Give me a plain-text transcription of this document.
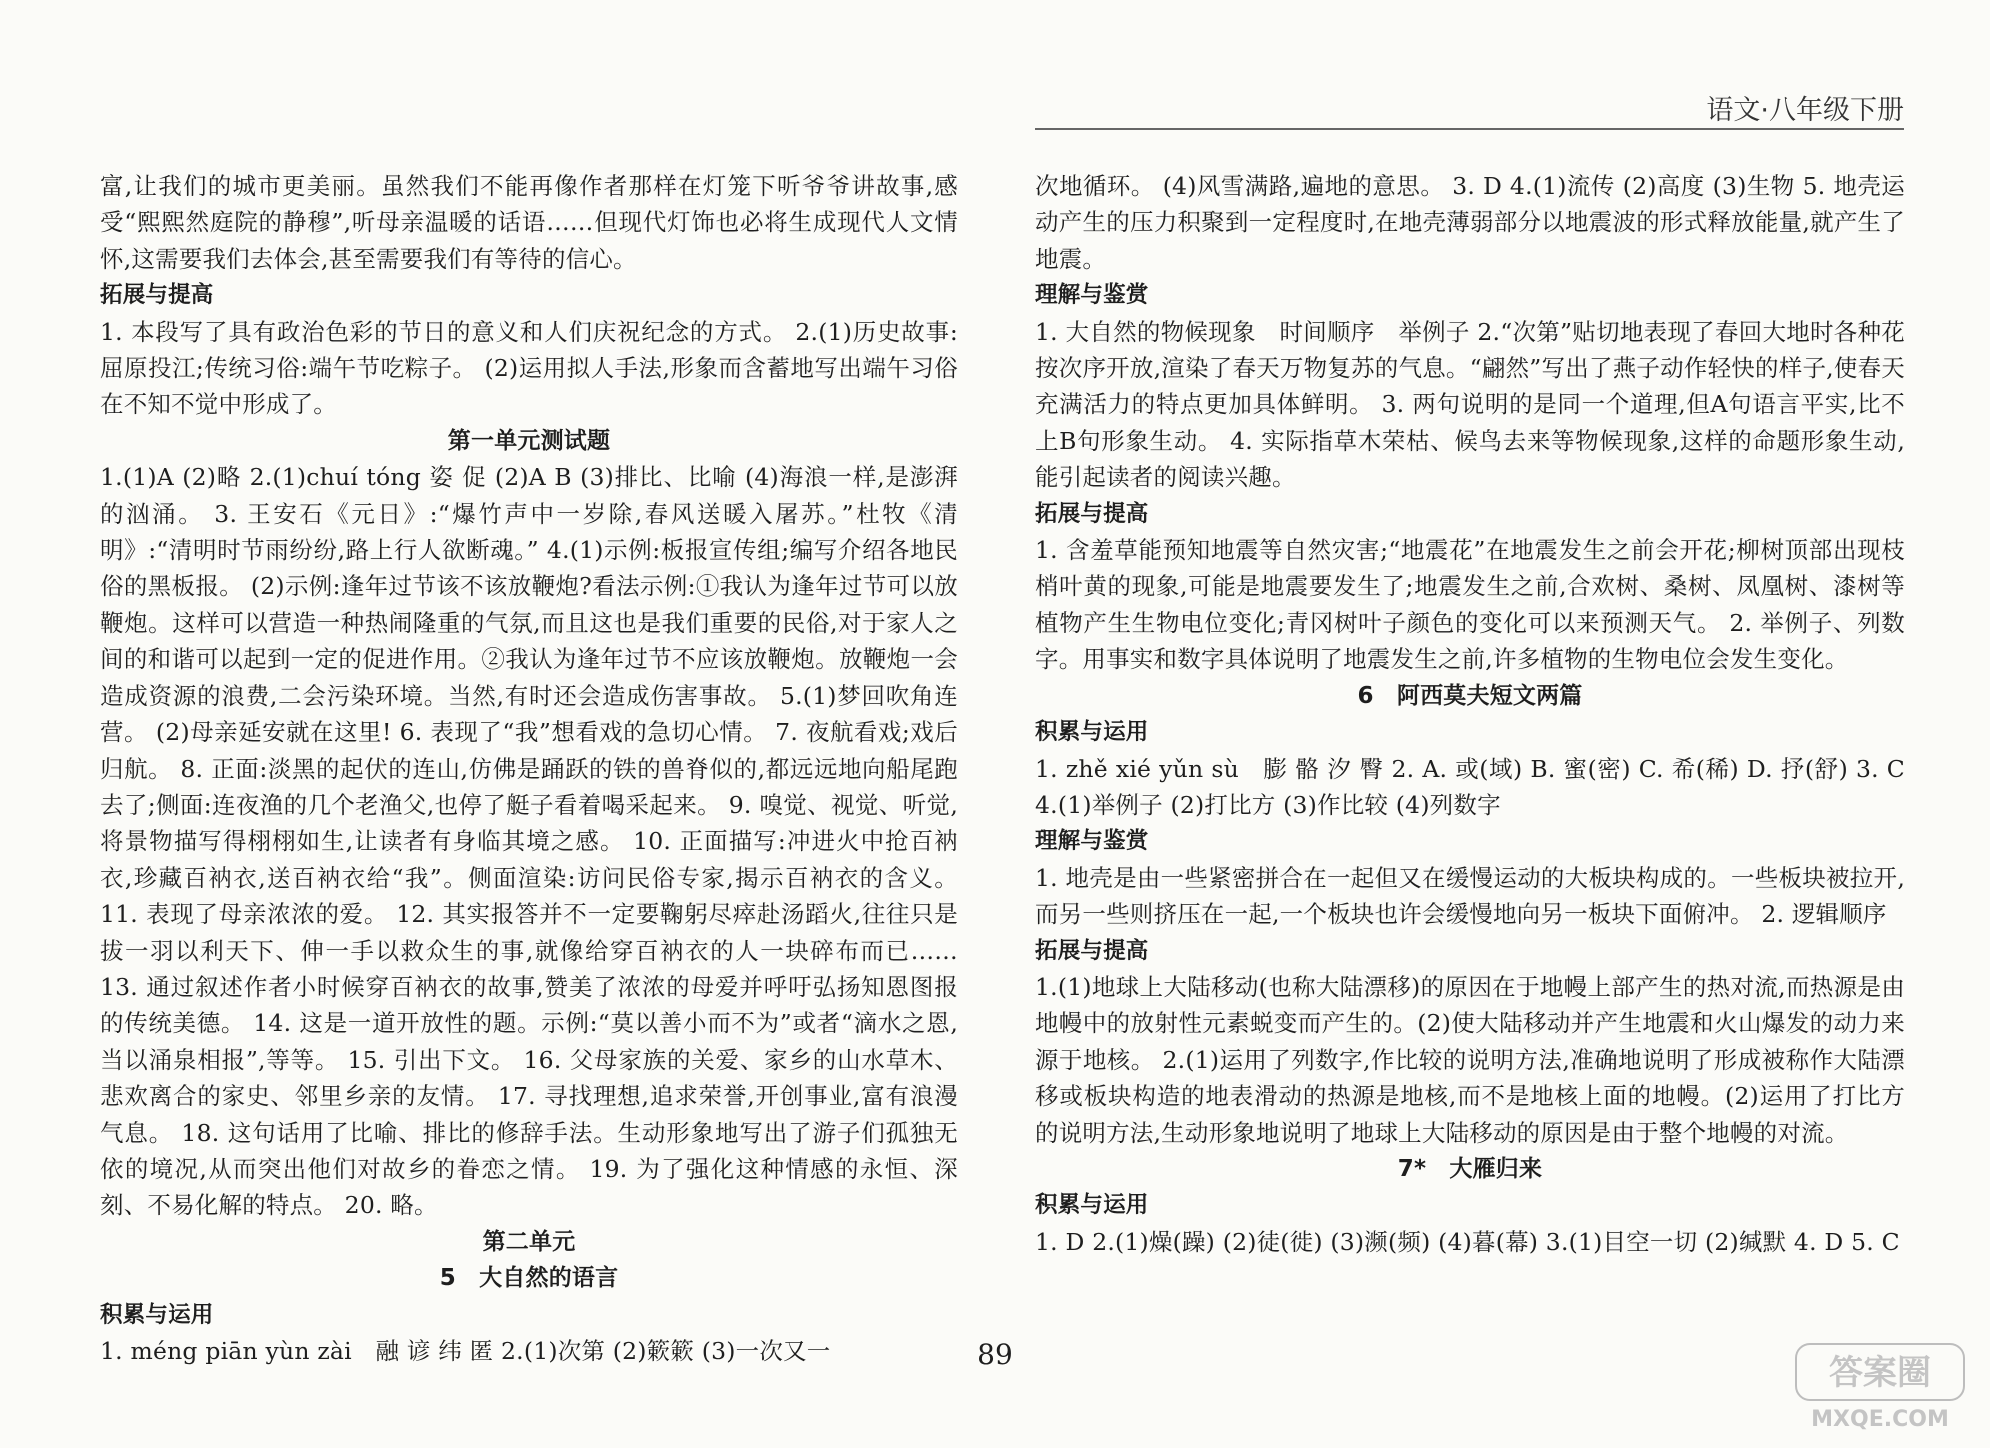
语文·八年级下册

富,让我们的城市更美丽。虽然我们不能再像作者那样在灯笼下听爷爷讲故事,感受“熙熙然庭院的静穆”,听母亲温暖的话语……但现代灯饰也必将生成现代人文情怀,这需要我们去体会,甚至需要我们有等待的信心。

拓展与提高

1. 本段写了具有政治色彩的节日的意义和人们庆祝纪念的方式。 2.(1)历史故事:屈原投江;传统习俗:端午节吃粽子。 (2)运用拟人手法,形象而含蓄地写出端午习俗在不知不觉中形成了。

第一单元测试题

1.(1)A (2)略 2.(1)chuí tóng 姿 促 (2)A B (3)排比、比喻 (4)海浪一样,是澎湃的汹涌。 3. 王安石《元日》:“爆竹声中一岁除,春风送暖入屠苏。”杜牧《清明》:“清明时节雨纷纷,路上行人欲断魂。” 4.(1)示例:板报宣传组;编写介绍各地民俗的黑板报。 (2)示例:逢年过节该不该放鞭炮?看法示例:①我认为逢年过节可以放鞭炮。这样可以营造一种热闹隆重的气氛,而且这也是我们重要的民俗,对于家人之间的和谐可以起到一定的促进作用。②我认为逢年过节不应该放鞭炮。放鞭炮一会造成资源的浪费,二会污染环境。当然,有时还会造成伤害事故。 5.(1)梦回吹角连营。 (2)母亲延安就在这里! 6. 表现了“我”想看戏的急切心情。 7. 夜航看戏;戏后归航。 8. 正面:淡黑的起伏的连山,仿佛是踊跃的铁的兽脊似的,都远远地向船尾跑去了;侧面:连夜渔的几个老渔父,也停了艇子看着喝采起来。 9. 嗅觉、视觉、听觉,将景物描写得栩栩如生,让读者有身临其境之感。 10. 正面描写:冲进火中抢百衲衣,珍藏百衲衣,送百衲衣给“我”。侧面渲染:访问民俗专家,揭示百衲衣的含义。 11. 表现了母亲浓浓的爱。 12. 其实报答并不一定要鞠躬尽瘁赴汤蹈火,往往只是拔一羽以利天下、伸一手以救众生的事,就像给穿百衲衣的人一块碎布而已…… 13. 通过叙述作者小时候穿百衲衣的故事,赞美了浓浓的母爱并呼吁弘扬知恩图报的传统美德。 14. 这是一道开放性的题。示例:“莫以善小而不为”或者“滴水之恩,当以涌泉相报”,等等。 15. 引出下文。 16. 父母家族的关爱、家乡的山水草木、悲欢离合的家史、邻里乡亲的友情。 17. 寻找理想,追求荣誉,开创事业,富有浪漫气息。 18. 这句话用了比喻、排比的修辞手法。生动形象地写出了游子们孤独无依的境况,从而突出他们对故乡的眷恋之情。 19. 为了强化这种情感的永恒、深刻、不易化解的特点。 20. 略。

第二单元

5　大自然的语言

积累与运用

1. méng piān yùn zài　融 谚 纬 匿 2.(1)次第 (2)簌簌 (3)一次又一

次地循环。 (4)风雪满路,遍地的意思。 3. D 4.(1)流传 (2)高度 (3)生物 5. 地壳运动产生的压力积聚到一定程度时,在地壳薄弱部分以地震波的形式释放能量,就产生了地震。

理解与鉴赏

1. 大自然的物候现象　时间顺序　举例子 2.“次第”贴切地表现了春回大地时各种花按次序开放,渲染了春天万物复苏的气息。“翩然”写出了燕子动作轻快的样子,使春天充满活力的特点更加具体鲜明。 3. 两句说明的是同一个道理,但A句语言平实,比不上B句形象生动。 4. 实际指草木荣枯、候鸟去来等物候现象,这样的命题形象生动,能引起读者的阅读兴趣。

拓展与提高

1. 含羞草能预知地震等自然灾害;“地震花”在地震发生之前会开花;柳树顶部出现枝梢叶黄的现象,可能是地震要发生了;地震发生之前,合欢树、桑树、凤凰树、漆树等植物产生生物电位变化;青冈树叶子颜色的变化可以来预测天气。 2. 举例子、列数字。用事实和数字具体说明了地震发生之前,许多植物的生物电位会发生变化。

6　阿西莫夫短文两篇

积累与运用

1. zhě xié yǔn sù　膨 骼 汐 臀 2. A. 或(域) B. 蜜(密) C. 希(稀) D. 抒(舒) 3. C 4.(1)举例子 (2)打比方 (3)作比较 (4)列数字

理解与鉴赏

1. 地壳是由一些紧密拼合在一起但又在缓慢运动的大板块构成的。一些板块被拉开,而另一些则挤压在一起,一个板块也许会缓慢地向另一板块下面俯冲。 2. 逻辑顺序

拓展与提高

1.(1)地球上大陆移动(也称大陆漂移)的原因在于地幔上部产生的热对流,而热源是由地幔中的放射性元素蜕变而产生的。(2)使大陆移动并产生地震和火山爆发的动力来源于地核。 2.(1)运用了列数字,作比较的说明方法,准确地说明了形成被称作大陆漂移或板块构造的地表滑动的热源是地核,而不是地核上面的地幔。(2)运用了打比方的说明方法,生动形象地说明了地球上大陆移动的原因是由于整个地幔的对流。

7*　大雁归来

积累与运用

1. D 2.(1)燥(躁) (2)徒(徙) (3)濒(频) (4)暮(幕) 3.(1)目空一切 (2)缄默 4. D 5. C

89	答案圈
MXQE.COM
